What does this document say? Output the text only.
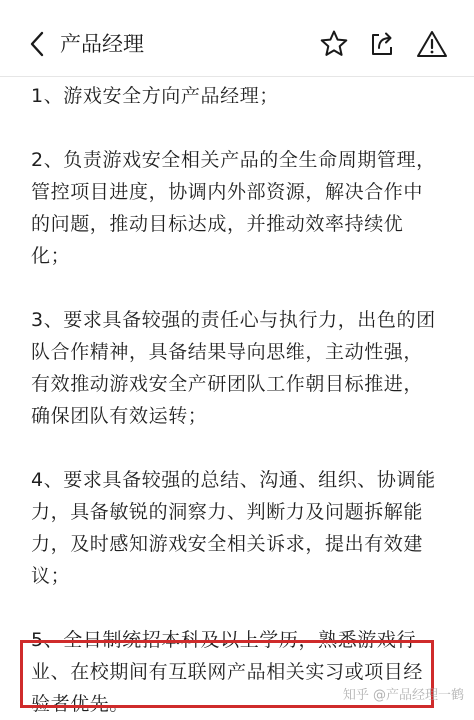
产品经理
1、游戏安全方向产品经理；
2、负责游戏安全相关产品的全生命周期管理，
管控项目进度，协调内外部资源，解决合作中
的问题，推动目标达成，并推动效率持续优
化；
3、要求具备较强的责任心与执行力，出色的团
队合作精神，具备结果导向思维，主动性强，
有效推动游戏安全产研团队工作朝目标推进，
确保团队有效运转；
4、要求具备较强的总结、沟通、组织、协调能
力，具备敏锐的洞察力、判断力及问题拆解能
力，及时感知游戏安全相关诉求，提出有效建
议；
5、全日制统招本科及以上学历，熟悉游戏行
业、在校期间有互联网产品相关实习或项目经
验者优先。	知乎 @产品经理一鹤
